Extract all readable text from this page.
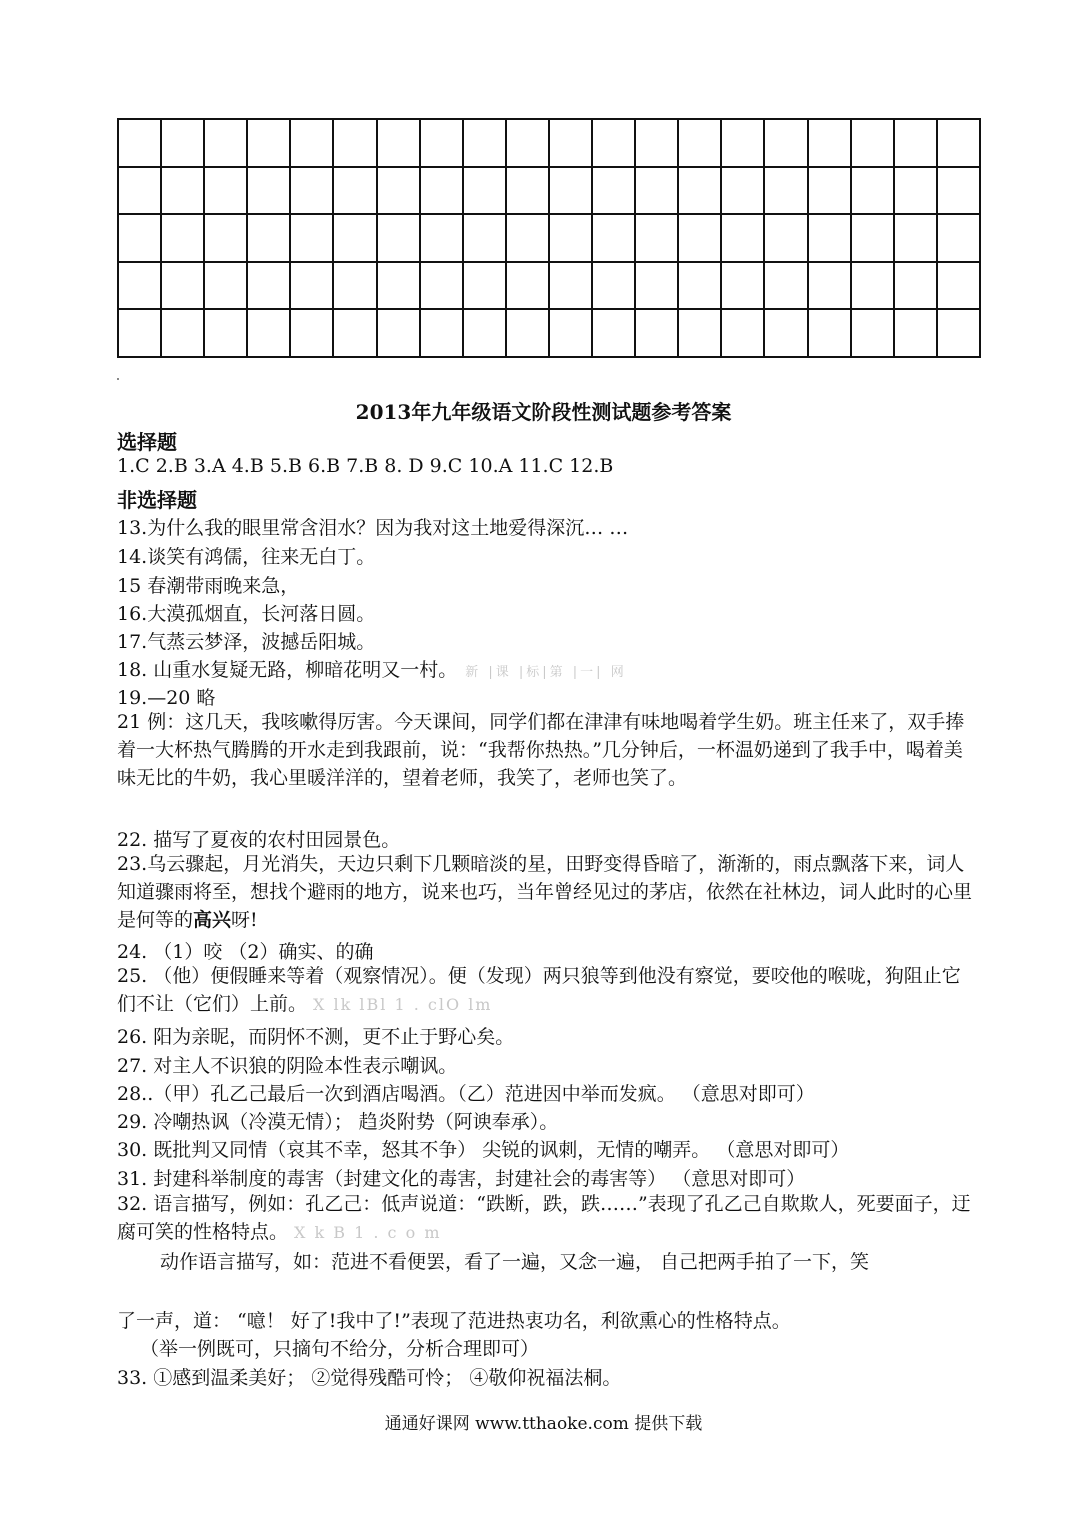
2013年九年级语文阶段性测试题参考答案
选择题
1.C 2.B 3.A 4.B 5.B 6.B 7.B 8. D 9.C 10.A 11.C 12.B
非选择题
13.为什么我的眼里常含泪水？因为我对这土地爱得深沉… …
14.谈笑有鸿儒，往来无白丁。
15 春潮带雨晚来急，
16.大漠孤烟直，长河落日圆。
17.气蒸云梦泽，波撼岳阳城。
18. 山重水复疑无路，柳暗花明又一村。 新 |课 |标|第 |一| 网
19.—20 略
21 例：这几天，我咳嗽得厉害。今天课间，同学们都在津津有味地喝着学生奶。班主任来了，双手捧着一大杯热气腾腾的开水走到我跟前，说：“我帮你热热。”几分钟后，一杯温奶递到了我手中，喝着美味无比的牛奶，我心里暖洋洋的，望着老师，我笑了，老师也笑了。
22. 描写了夏夜的农村田园景色。
23.乌云骤起，月光消失，天边只剩下几颗暗淡的星，田野变得昏暗了，渐渐的，雨点飘落下来，词人知道骤雨将至，想找个避雨的地方，说来也巧，当年曾经见过的茅店，依然在社林边，词人此时的心里是何等的高兴呀!
24. （1）咬 （2）确实、的确
25. （他）便假睡来等着（观察情况）。便（发现）两只狼等到他没有察觉，要咬他的喉咙，狗阻止它们不让（它们）上前。 X lk lBl 1 . clO lm
26. 阳为亲昵，而阴怀不测，更不止于野心矣。
27. 对主人不识狼的阴险本性表示嘲讽。
28..（甲）孔乙己最后一次到酒店喝酒。（乙）范进因中举而发疯。 （意思对即可）
29. 冷嘲热讽（冷漠无情）； 趋炎附势（阿谀奉承）。
30. 既批判又同情（哀其不幸，怒其不争） 尖锐的讽刺，无情的嘲弄。 （意思对即可）
31. 封建科举制度的毒害（封建文化的毒害，封建社会的毒害等） （意思对即可）
32. 语言描写，例如：孔乙己：低声说道：“跌断，跌，跌……”表现了孔乙己自欺欺人，死要面子，迂腐可笑的性格特点。 X k B 1 . c o m
动作语言描写，如：范进不看便罢，看了一遍，又念一遍， 自己把两手拍了一下，笑
了一声，道： “噫！ 好了!我中了!”表现了范进热衷功名，利欲熏心的性格特点。
（举一例既可，只摘句不给分，分析合理即可）
33. ①感到温柔美好； ②觉得残酷可怜； ④敬仰祝福法桐。
通通好课网 www.tthaoke.com 提供下载
